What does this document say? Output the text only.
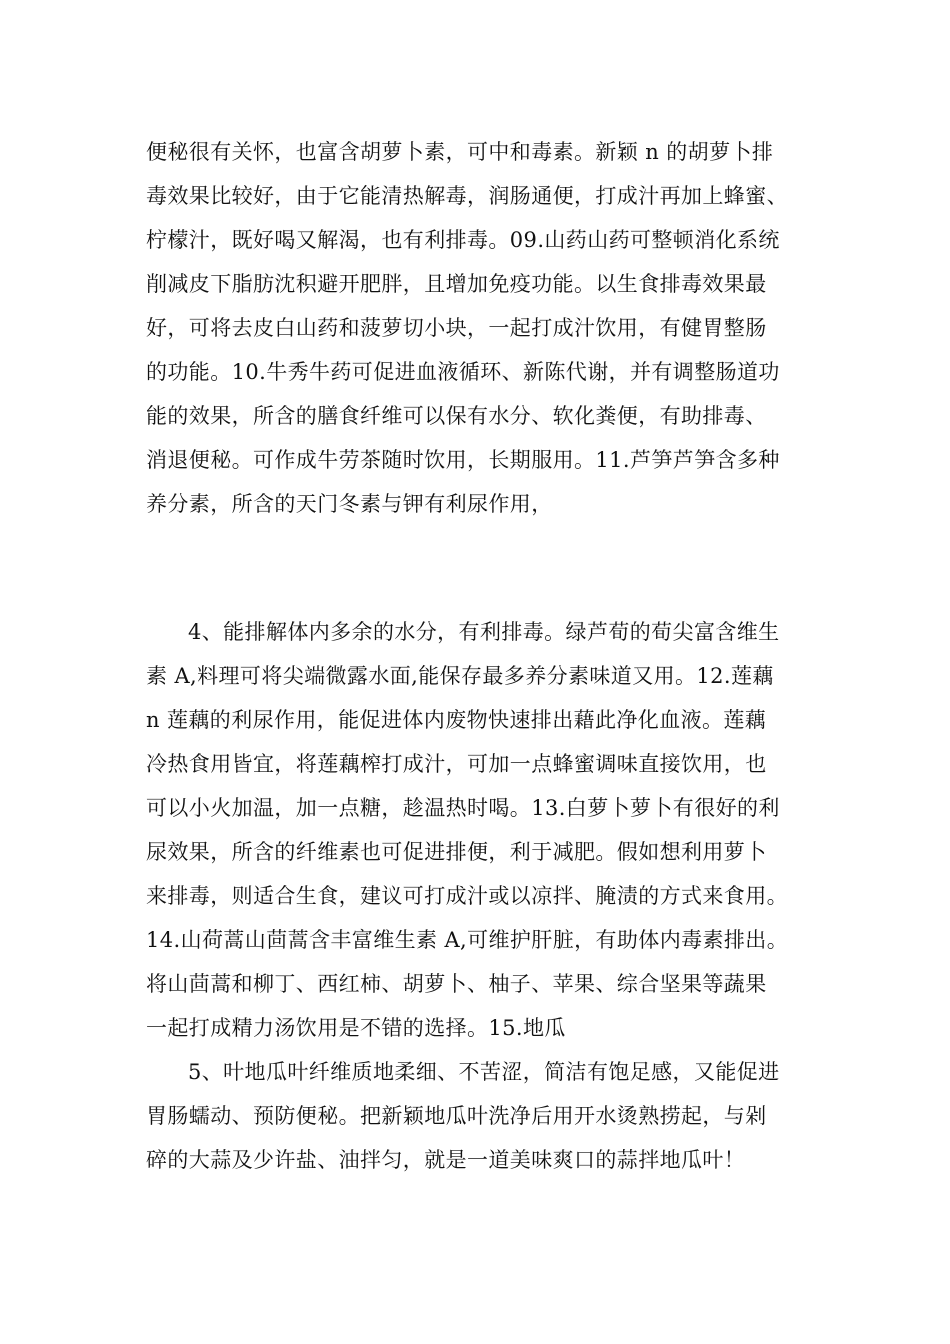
便秘很有关怀，也富含胡萝卜素，可中和毒素。新颖 n 的胡萝卜排
毒效果比较好，由于它能清热解毒，润肠通便，打成汁再加上蜂蜜、
柠檬汁，既好喝又解渴，也有利排毒。09.山药山药可整顿消化系统
削减皮下脂肪沈积避开肥胖，且增加免疫功能。以生食排毒效果最
好，可将去皮白山药和菠萝切小块，一起打成汁饮用，有健胃整肠
的功能。10.牛秀牛药可促进血液循环、新陈代谢，并有调整肠道功
能的效果，所含的膳食纤维可以保有水分、软化粪便，有助排毒、
消退便秘。可作成牛劳茶随时饮用，长期服用。11.芦笋芦笋含多种
养分素，所含的天门冬素与钾有利尿作用，
4、能排解体内多余的水分，有利排毒。绿芦荀的荀尖富含维生
素 A,料理可将尖端微露水面,能保存最多养分素味道又用。12.莲藕
n 莲藕的利尿作用，能促进体内废物快速排出藉此净化血液。莲藕
冷热食用皆宜，将莲藕榨打成汁，可加一点蜂蜜调味直接饮用，也
可以小火加温，加一点糖，趁温热时喝。13.白萝卜萝卜有很好的利
尿效果，所含的纤维素也可促进排便，利于减肥。假如想利用萝卜
来排毒，则适合生食，建议可打成汁或以凉拌、腌渍的方式来食用。
14.山荷蒿山茴蒿含丰富维生素 A,可维护肝脏，有助体内毒素排出。
将山茴蒿和柳丁、西红柿、胡萝卜、柚子、苹果、综合坚果等蔬果
一起打成精力汤饮用是不错的选择。15.地瓜
5、叶地瓜叶纤维质地柔细、不苦涩，简洁有饱足感，又能促进
胃肠蠕动、预防便秘。把新颖地瓜叶洗净后用开水烫熟捞起，与剁
碎的大蒜及少许盐、油拌匀，就是一道美味爽口的蒜拌地瓜叶！
